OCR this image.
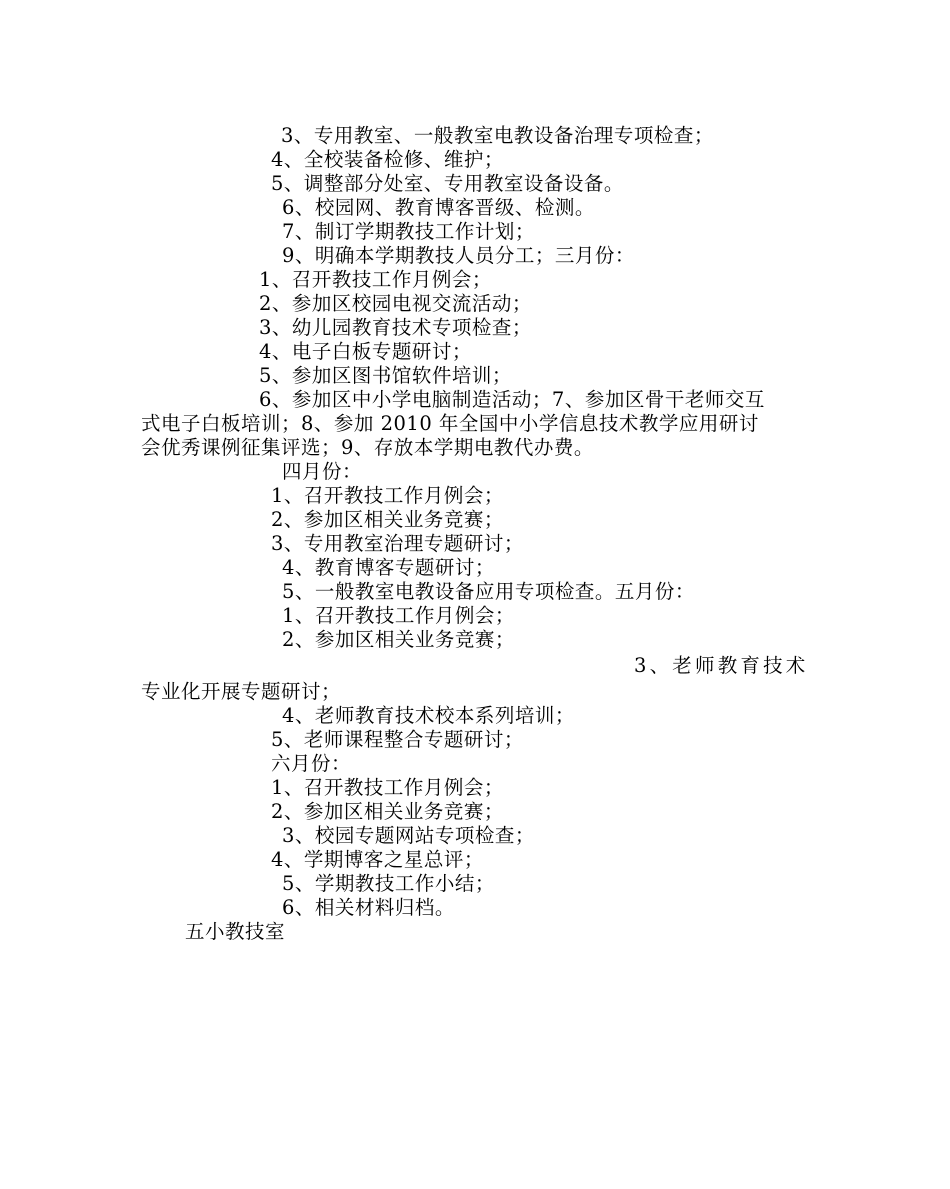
3、专用教室、一般教室电教设备治理专项检查；
4、全校装备检修、维护；
5、调整部分处室、专用教室设备设备。
6、校园网、教育博客晋级、检测。
7、制订学期教技工作计划；
9、明确本学期教技人员分工；三月份：
1、召开教技工作月例会；
2、参加区校园电视交流活动；
3、幼儿园教育技术专项检查；
4、电子白板专题研讨；
5、参加区图书馆软件培训；
6、参加区中小学电脑制造活动；7、参加区骨干老师交互
式电子白板培训；8、参加 2010 年全国中小学信息技术教学应用研讨
会优秀课例征集评选；9、存放本学期电教代办费。
四月份：
1、召开教技工作月例会；
2、参加区相关业务竞赛；
3、专用教室治理专题研讨；
4、教育博客专题研讨；
5、一般教室电教设备应用专项检查。五月份：
1、召开教技工作月例会；
2、参加区相关业务竞赛；
3、老师教育技术
专业化开展专题研讨；
4、老师教育技术校本系列培训；
5、老师课程整合专题研讨；
六月份：
1、召开教技工作月例会；
2、参加区相关业务竞赛；
3、校园专题网站专项检查；
4、学期博客之星总评；
5、学期教技工作小结；
6、相关材料归档。
五小教技室
